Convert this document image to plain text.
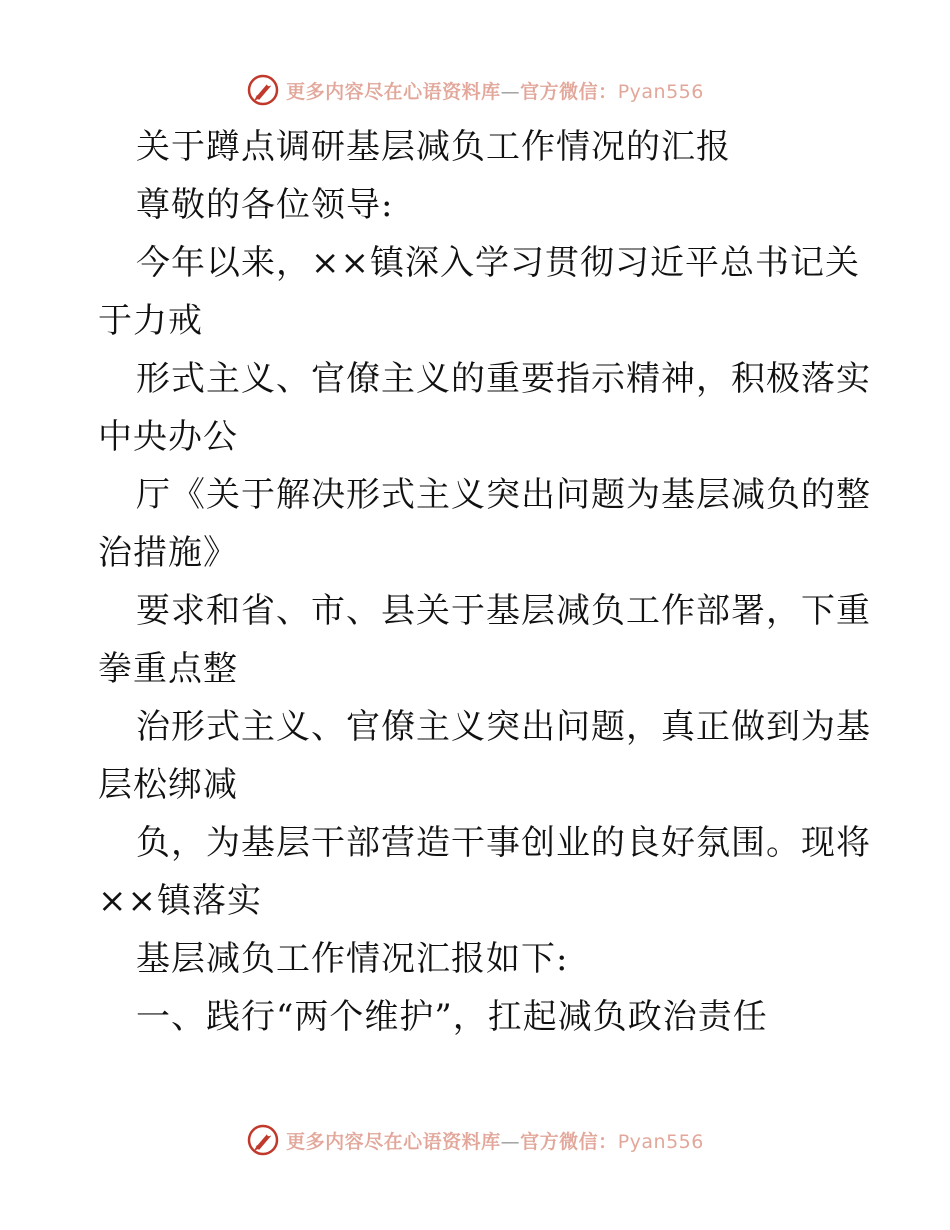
更多内容尽在心语资料库—官方微信：Pyan556
关于蹲点调研基层减负工作情况的汇报
尊敬的各位领导:
今年以来，××镇深入学习贯彻习近平总书记关
于力戒
形式主义、官僚主义的重要指示精神，积极落实
中央办公
厅《关于解决形式主义突出问题为基层减负的整
治措施》
要求和省、市、县关于基层减负工作部署，下重
拳重点整
治形式主义、官僚主义突出问题，真正做到为基
层松绑减
负，为基层干部营造干事创业的良好氛围。现将
××镇落实
基层减负工作情况汇报如下:
一、践行“两个维护”，扛起减负政治责任
更多内容尽在心语资料库—官方微信：Pyan556
